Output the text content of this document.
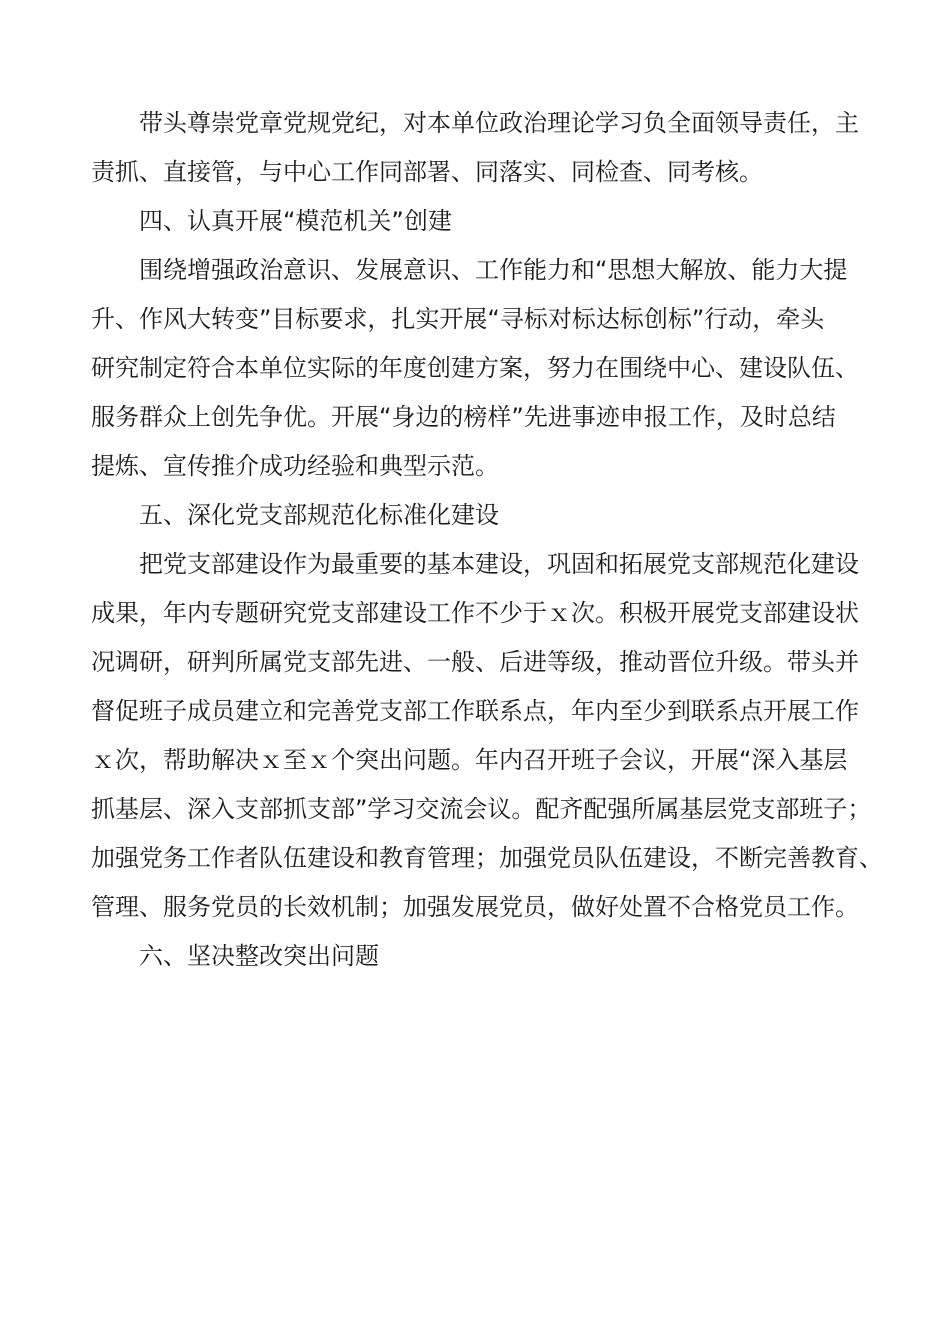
带头尊崇党章党规党纪，对本单位政治理论学习负全面领导责任，主
责抓、直接管，与中心工作同部署、同落实、同检查、同考核。
四、认真开展“模范机关”创建
围绕增强政治意识、发展意识、工作能力和“思想大解放、能力大提
升、作风大转变”目标要求，扎实开展“寻标对标达标创标”行动，牵头
研究制定符合本单位实际的年度创建方案，努力在围绕中心、建设队伍、
服务群众上创先争优。开展“身边的榜样”先进事迹申报工作，及时总结
提炼、宣传推介成功经验和典型示范。
五、深化党支部规范化标准化建设
把党支部建设作为最重要的基本建设，巩固和拓展党支部规范化建设
成果，年内专题研究党支部建设工作不少于ｘ次。积极开展党支部建设状
况调研，研判所属党支部先进、一般、后进等级，推动晋位升级。带头并
督促班子成员建立和完善党支部工作联系点，年内至少到联系点开展工作
ｘ次，帮助解决ｘ至ｘ个突出问题。年内召开班子会议，开展“深入基层
抓基层、深入支部抓支部”学习交流会议。配齐配强所属基层党支部班子；
加强党务工作者队伍建设和教育管理；加强党员队伍建设，不断完善教育、
管理、服务党员的长效机制；加强发展党员，做好处置不合格党员工作。
六、坚决整改突出问题
